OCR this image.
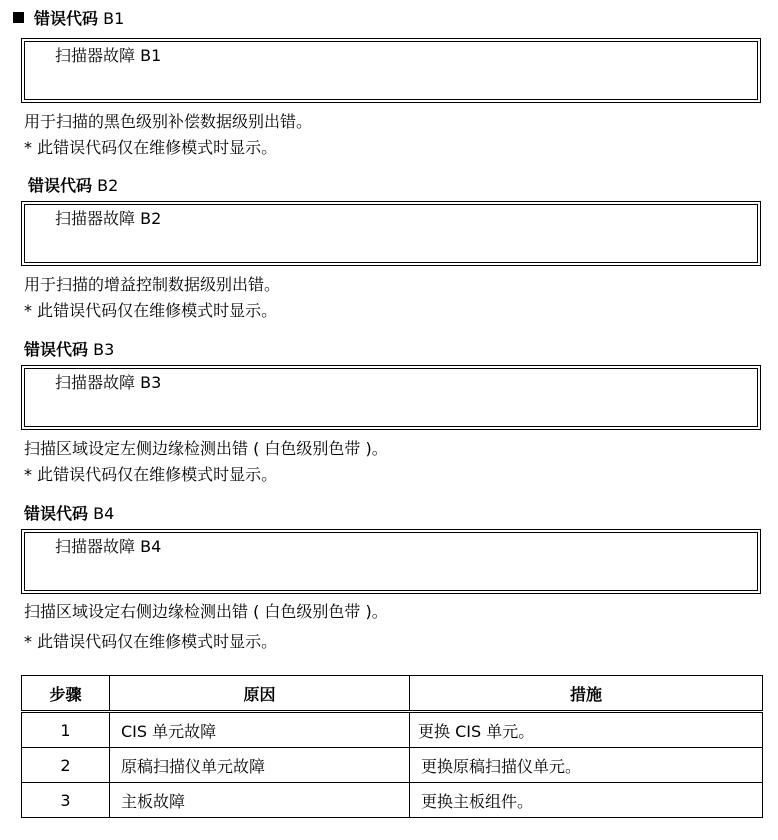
错误代码 B1
扫描器故障 B1
用于扫描的黑色级别补偿数据级别出错。
* 此错误代码仅在维修模式时显示。
错误代码 B2
扫描器故障 B2
用于扫描的增益控制数据级别出错。
* 此错误代码仅在维修模式时显示。
错误代码 B3
扫描器故障 B3
扫描区域设定左侧边缘检测出错 ( 白色级别色带 )。
* 此错误代码仅在维修模式时显示。
错误代码 B4
扫描器故障 B4
扫描区域设定右侧边缘检测出错 ( 白色级别色带 )。
* 此错误代码仅在维修模式时显示。
步骤	原因	措施
1	CIS 单元故障	更换 CIS 单元。
2	原稿扫描仪单元故障	更换原稿扫描仪单元。
3	主板故障	更换主板组件。
